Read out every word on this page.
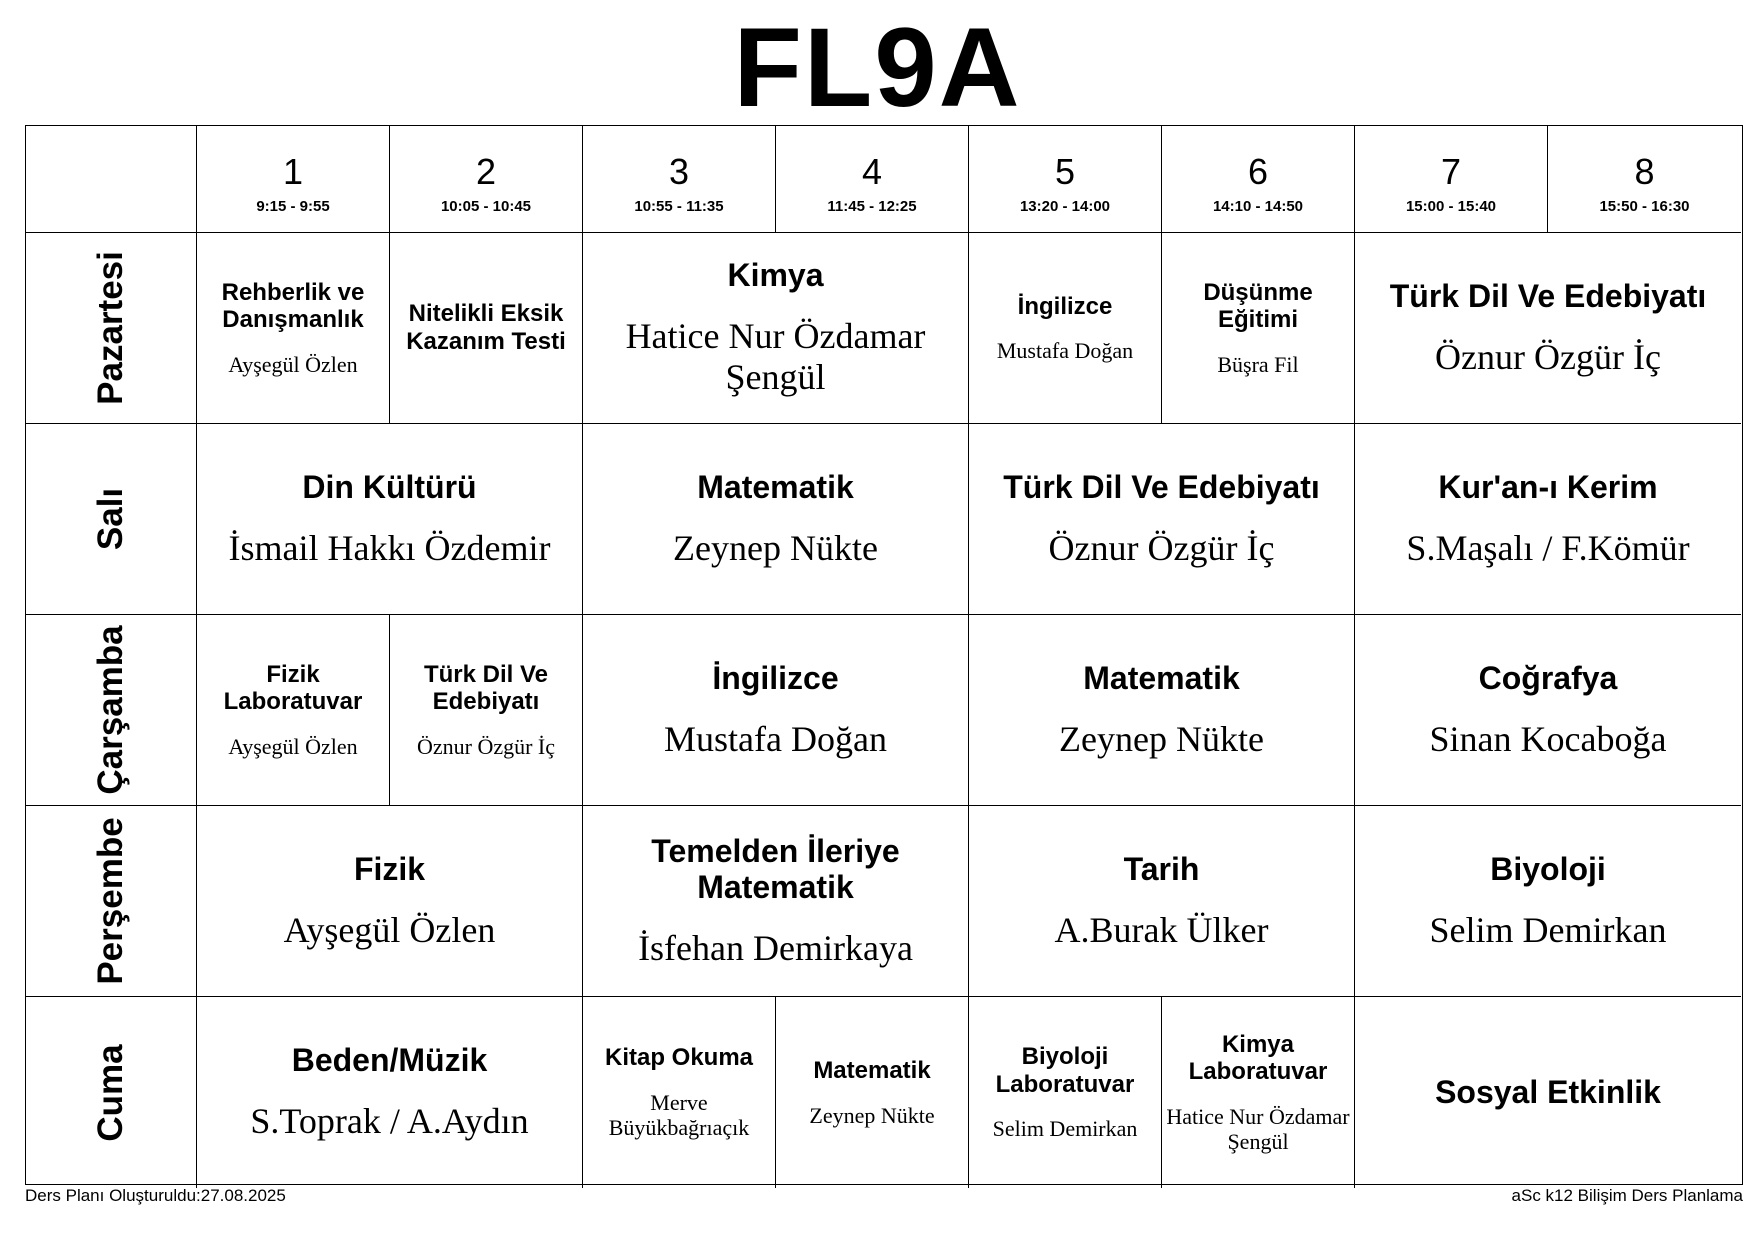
FL9A
1
9:15 - 9:55
2
10:05 - 10:45
3
10:55 - 11:35
4
11:45 - 12:25
5
13:20 - 14:00
6
14:10 - 14:50
7
15:00 - 15:40
8
15:50 - 16:30
Pazartesi
Salı
Çarşamba
Perşembe
Cuma
Rehberlik ve Danışmanlık
Ayşegül Özlen
Nitelikli Eksik Kazanım Testi
Kimya
Hatice Nur Özdamar Şengül
İngilizce
Mustafa Doğan
Düşünme Eğitimi
Büşra Fil
Türk Dil Ve Edebiyatı
Öznur Özgür İç
Din Kültürü
İsmail Hakkı Özdemir
Matematik
Zeynep Nükte
Türk Dil Ve Edebiyatı
Öznur Özgür İç
Kur'an-ı Kerim
S.Maşalı / F.Kömür
Fizik Laboratuvar
Ayşegül Özlen
Türk Dil Ve Edebiyatı
Öznur Özgür İç
İngilizce
Mustafa Doğan
Matematik
Zeynep Nükte
Coğrafya
Sinan Kocaboğa
Fizik
Ayşegül Özlen
Temelden İleriye Matematik
İsfehan Demirkaya
Tarih
A.Burak Ülker
Biyoloji
Selim Demirkan
Beden/Müzik
S.Toprak / A.Aydın
Kitap Okuma
Merve Büyükbağrıaçık
Matematik
Zeynep Nükte
Biyoloji Laboratuvar
Selim Demirkan
Kimya Laboratuvar
Hatice Nur Özdamar Şengül
Sosyal Etkinlik
Ders Planı Oluşturuldu:27.08.2025	aSc k12 Bilişim Ders Planlama
